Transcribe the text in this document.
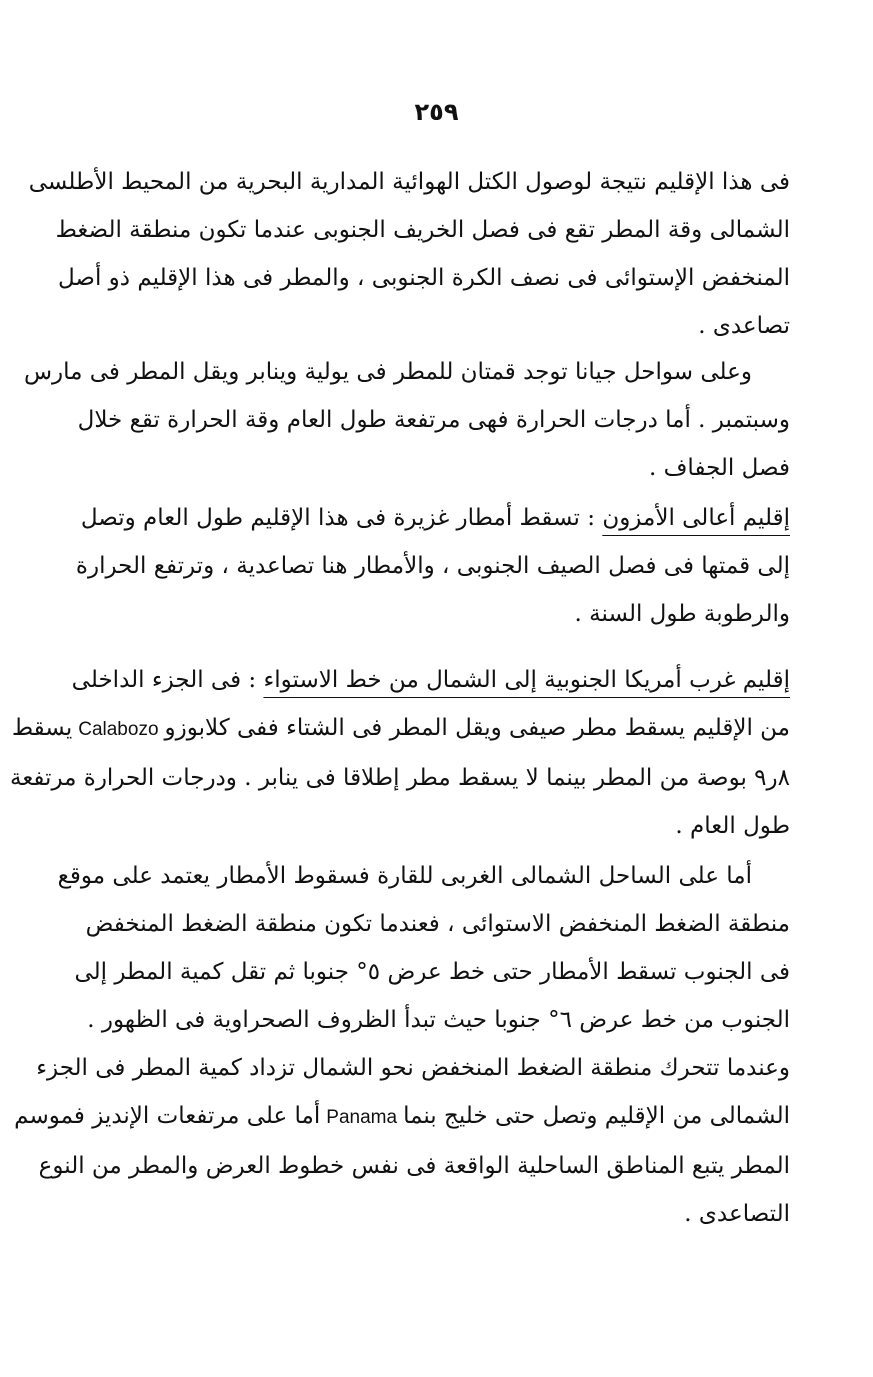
٢٥٩

فى هذا الإقليم نتيجة لوصول الكتل الهوائية المدارية البحرية من المحيط الأطلسى
الشمالى وقة المطر تقع فى فصل الخريف الجنوبى عندما تكون منطقة الضغط
المنخفض الإستوائى فى نصف الكرة الجنوبى ، والمطر فى هذا الإقليم ذو أصل
تصاعدى .

وعلى سواحل جيانا توجد قمتان للمطر فى يولية وينابر ويقل المطر فى مارس
وسبتمبر . أما درجات الحرارة فهى مرتفعة طول العام وقة الحرارة تقع خلال
فصل الجفاف .

إقليم أعالى الأمزون : تسقط أمطار غزيرة فى هذا الإقليم طول العام وتصل
إلى قمتها فى فصل الصيف الجنوبى ، والأمطار هنا تصاعدية ، وترتفع الحرارة
والرطوبة طول السنة .

إقليم غرب أمريكا الجنوبية إلى الشمال من خط الاستواء : فى الجزء الداخلى
من الإقليم يسقط مطر صيفى ويقل المطر فى الشتاء ففى كلابوزوCalabozoيسقط
٨ر٩ بوصة من المطر بينما لا يسقط مطر إطلاقا فى ينابر . ودرجات الحرارة مرتفعة
طول العام .

أما على الساحل الشمالى الغربى للقارة فسقوط الأمطار يعتمد على موقع
منطقة الضغط المنخفض الاستوائى ، فعندما تكون منطقة الضغط المنخفض
فى الجنوب تسقط الأمطار حتى خط عرض ٥° جنوبا ثم تقل كمية المطر إلى
الجنوب من خط عرض ٦° جنوبا حيث تبدأ الظروف الصحراوية فى الظهور .
وعندما تتحرك منطقة الضغط المنخفض نحو الشمال تزداد كمية المطر فى الجزء
الشمالى من الإقليم وتصل حتى خليج بنماPanamaأما على مرتفعات الإنديز فموسم
المطر يتبع المناطق الساحلية الواقعة فى نفس خطوط العرض والمطر من النوع
التصاعدى .
